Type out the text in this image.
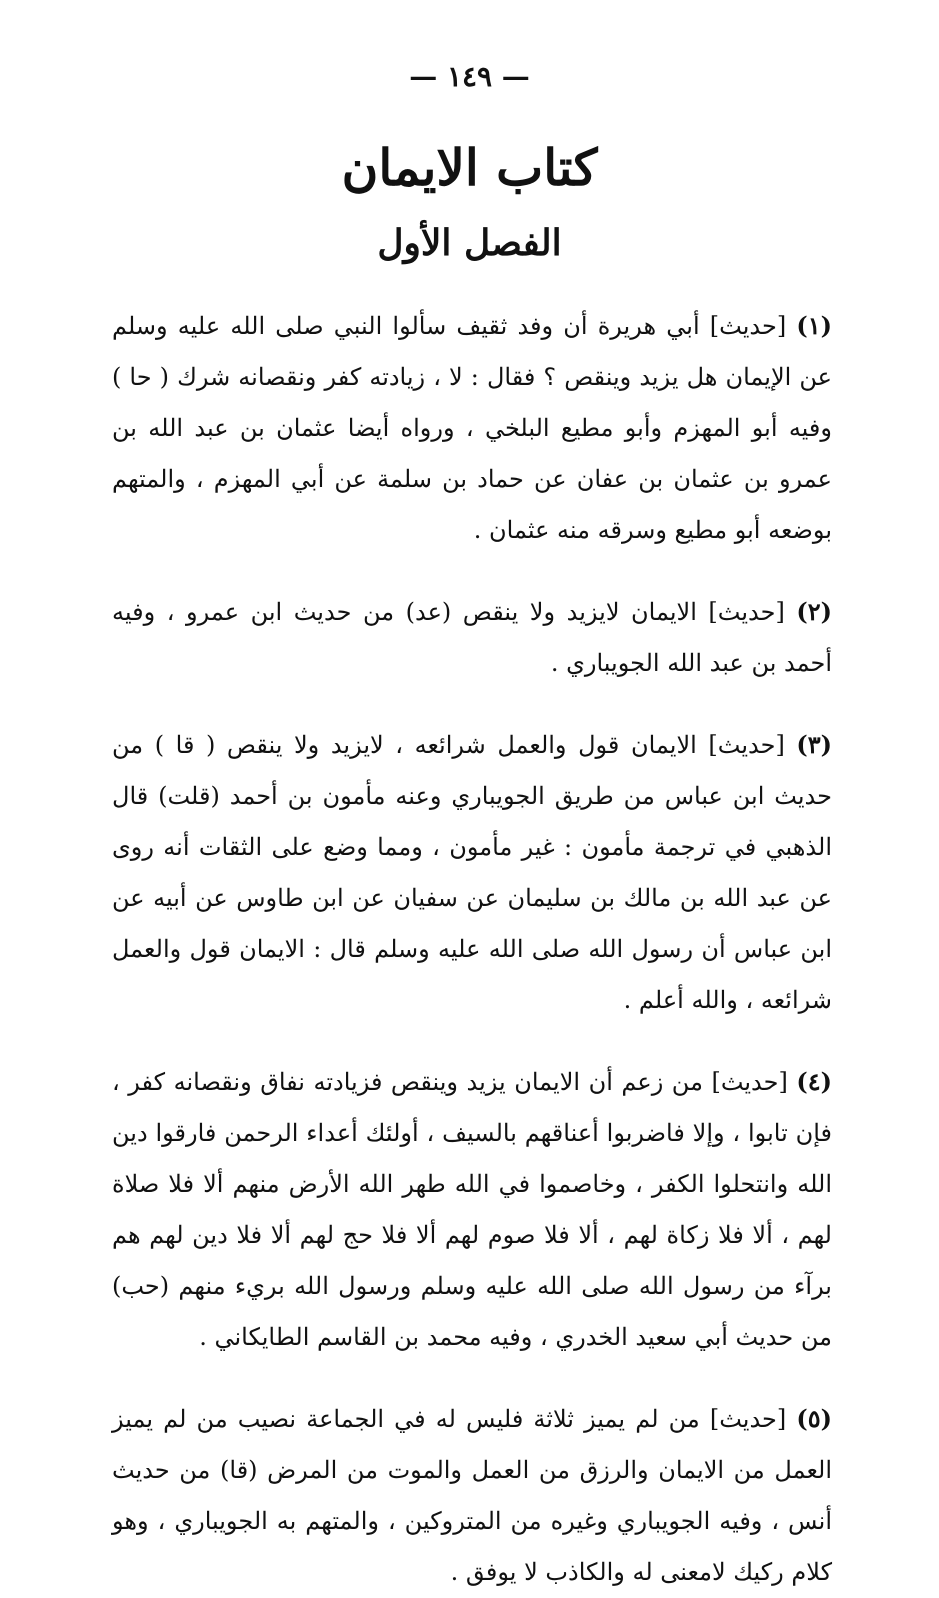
— ١٤٩ —
كتاب الايمان
الفصل الأول

(١) [حديث] أبي هريرة أن وفد ثقيف سألوا النبي صلى الله عليه وسلم عن الإيمان هل يزيد وينقص ؟ فقال : لا ، زيادته كفر ونقصانه شرك ( حا ) وفيه أبو المهزم وأبو مطيع البلخي ، ورواه أيضا عثمان بن عبد الله بن عمرو بن عثمان بن عفان عن حماد بن سلمة عن أبي المهزم ، والمتهم بوضعه أبو مطيع وسرقه منه عثمان .

(٢) [حديث] الايمان لايزيد ولا ينقص (عد) من حديث ابن عمرو ، وفيه أحمد بن عبد الله الجويباري .

(٣) [حديث] الايمان قول والعمل شرائعه ، لايزيد ولا ينقص ( قا ) من حديث ابن عباس من طريق الجويباري وعنه مأمون بن أحمد (قلت) قال الذهبي في ترجمة مأمون : غير مأمون ، ومما وضع على الثقات أنه روى عن عبد الله بن مالك بن سليمان عن سفيان عن ابن طاوس عن أبيه عن ابن عباس أن رسول الله صلى الله عليه وسلم قال : الايمان قول والعمل شرائعه ، والله أعلم .

(٤) [حديث] من زعم أن الايمان يزيد وينقص فزيادته نفاق ونقصانه كفر ، فإن تابوا ، وإلا فاضربوا أعناقهم بالسيف ، أولئك أعداء الرحمن فارقوا دين الله وانتحلوا الكفر ، وخاصموا في الله طهر الله الأرض منهم ألا فلا صلاة لهم ، ألا فلا زكاة لهم ، ألا فلا صوم لهم ألا فلا حج لهم ألا فلا دين لهم هم برآء من رسول الله صلى الله عليه وسلم ورسول الله بريء منهم (حب) من حديث أبي سعيد الخدري ، وفيه محمد بن القاسم الطايكاني .

(٥) [حديث] من لم يميز ثلاثة فليس له في الجماعة نصيب من لم يميز العمل من الايمان والرزق من العمل والموت من المرض (قا) من حديث أنس ، وفيه الجويباري وغيره من المتروكين ، والمتهم به الجويباري ، وهو كلام ركيك لامعنى له والكاذب لا يوفق .
